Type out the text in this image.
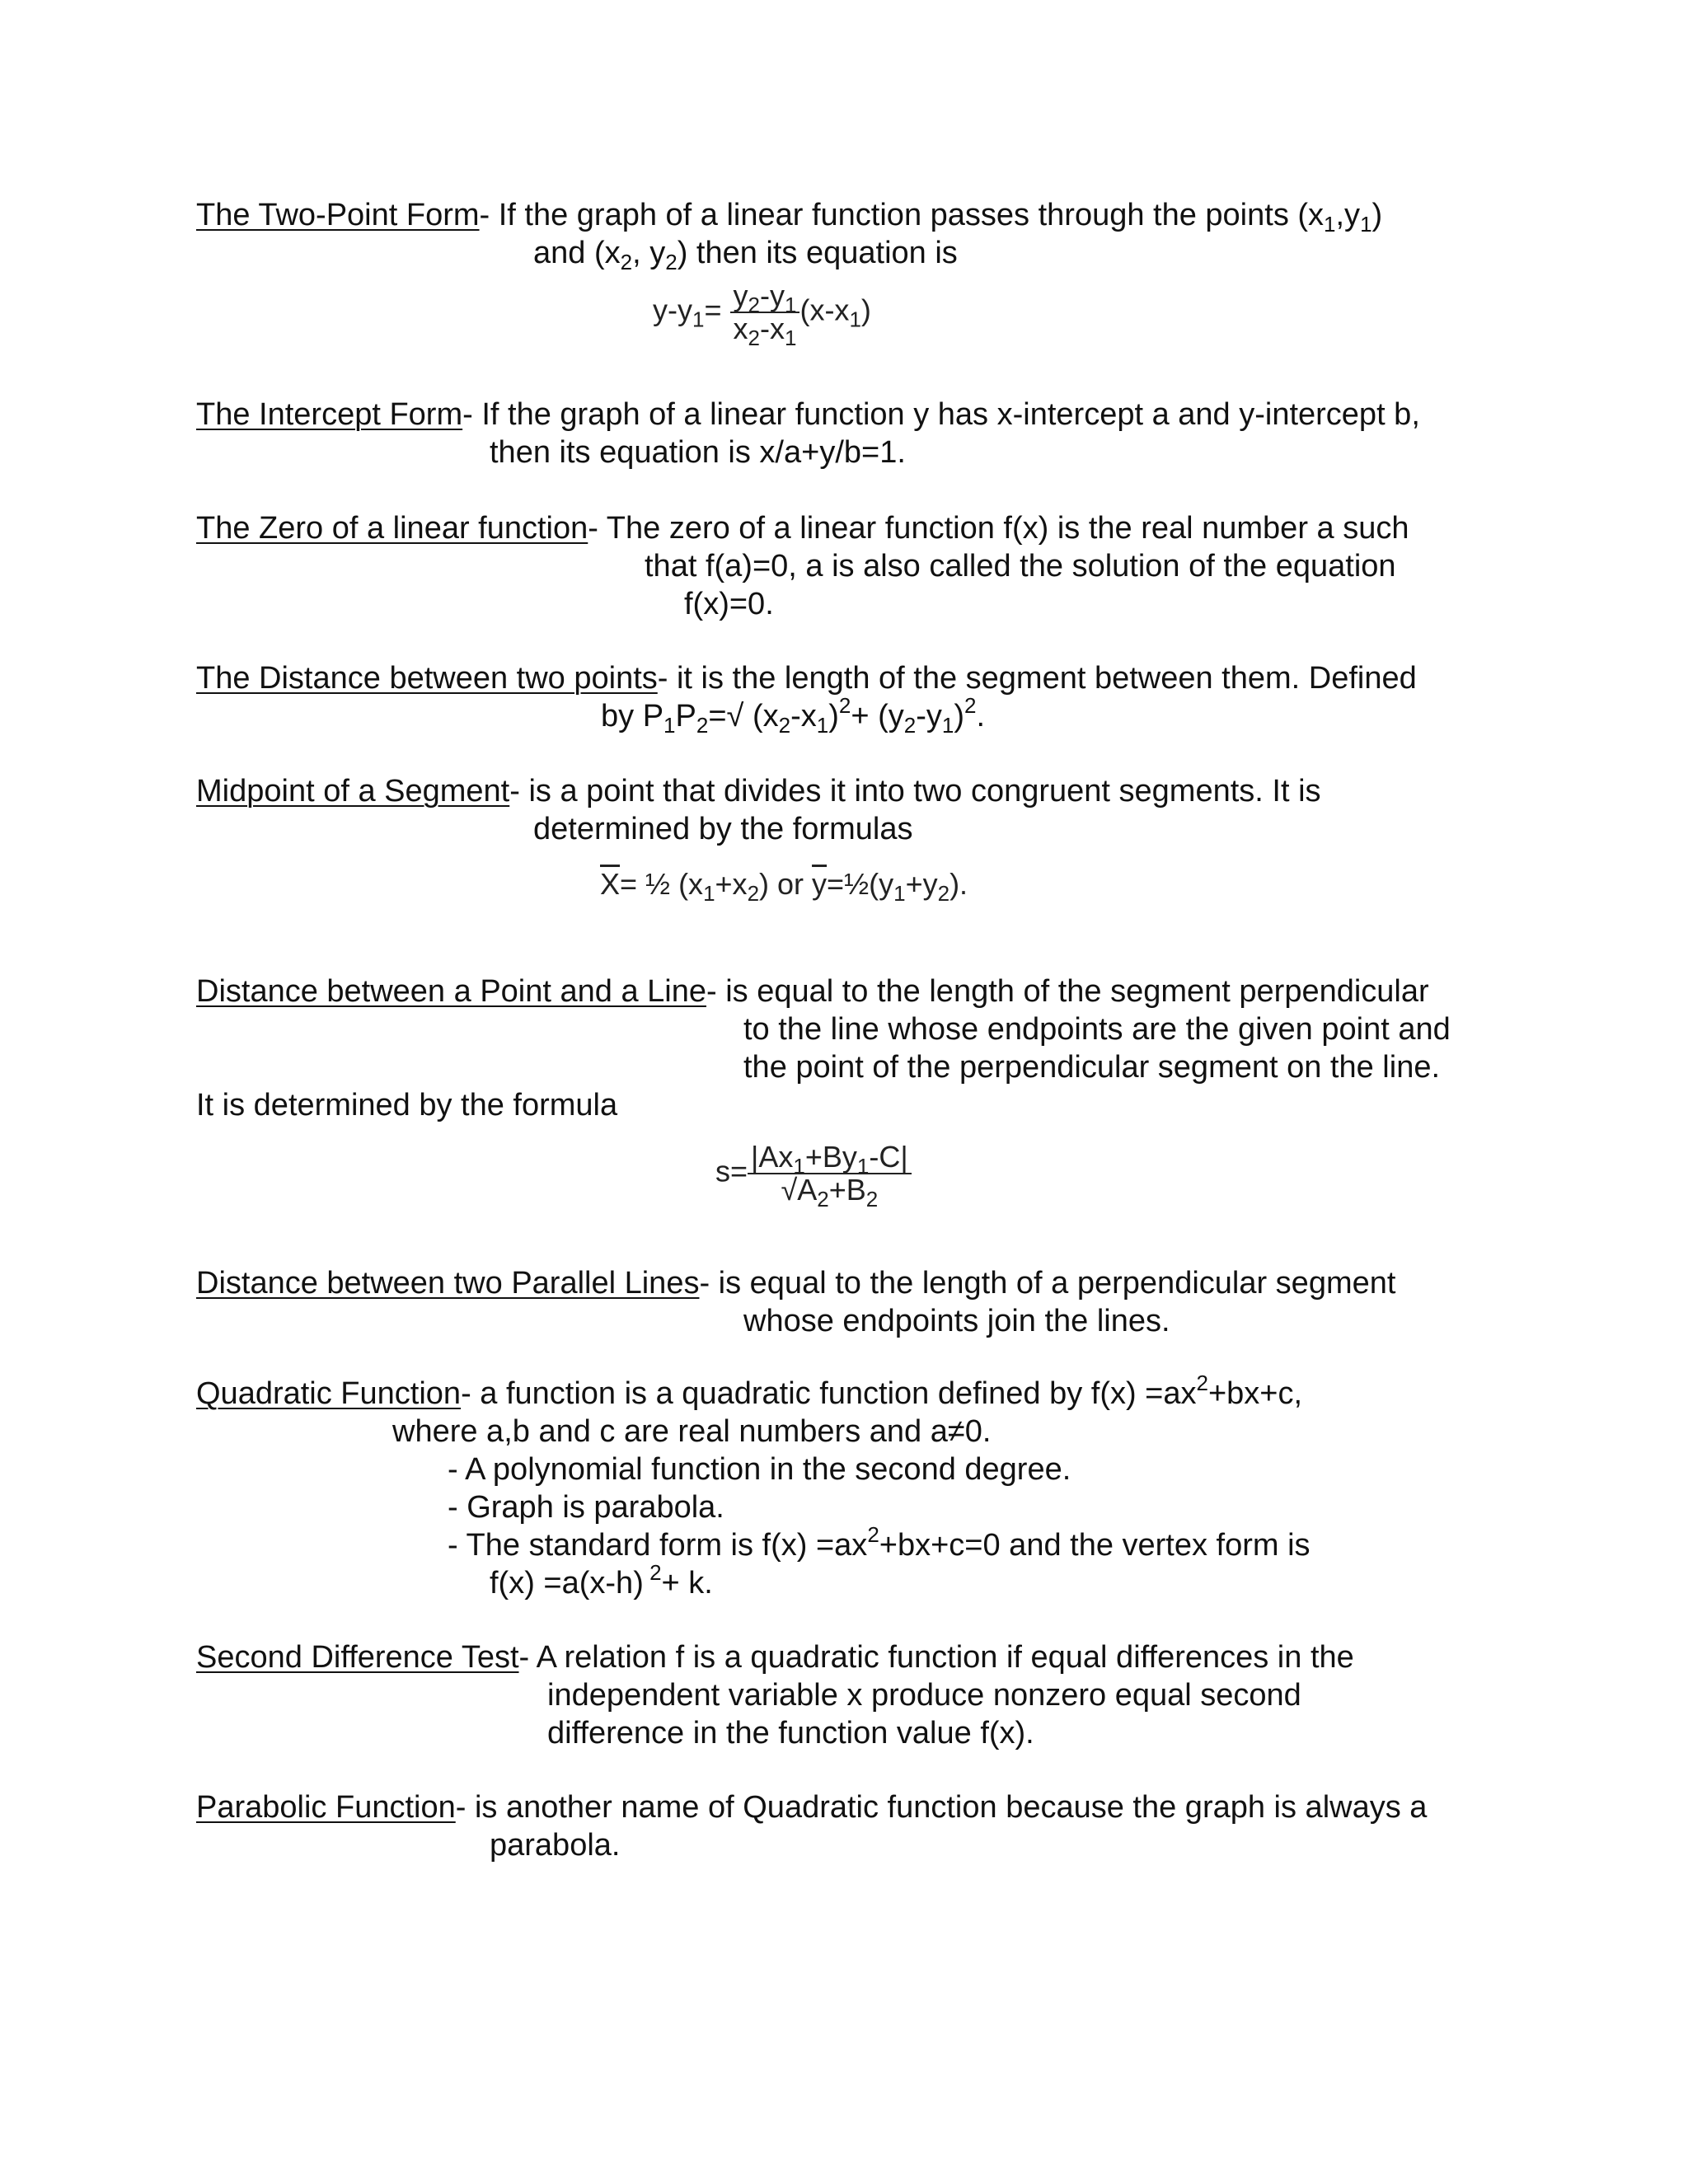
The Two-Point Form- If the graph of a linear function passes through the points $(x_1,y_1)$
and ($x_2$, $y_2$) then its equation is
$y-y_1= \frac{y_2-y_1}{x_2-x_1} (x-x_1)$
The Intercept Form- If the graph of a linear function y has x-intercept a and y-intercept b,
then its equation is x/a+y/b=1.
The Zero of a linear function- The zero of a linear function f(x) is the real number a such
that f(a)=0, a is also called the solution of the equation
f(x)=0.
The Distance between two points- it is the length of the segment between them. Defined
by $P_1P_2=√$ $(x_2-x_1)^2+ (y_2-y_1)^2$.
Midpoint of a Segment- is a point that divides it into two congruent segments. It is
determined by the formulas
$\overline{X}=$ ½ $(x_1+x_2)$ or $\overline{y}=\frac{1}{2}(y_1+y_2)$.
Distance between a Point and a Line- is equal to the length of the segment perpendicular
to the line whose endpoints are the given point and
the point of the perpendicular segment on the line.
It is determined by the formula
$s= \frac{|Ax_1+By_1-C|}{√A_2+B_2}$
Distance between two Parallel Lines- is equal to the length of a perpendicular segment
whose endpoints join the lines.
Quadratic Function- a function is a quadratic function defined by $f(x) =ax^2+bx+c$,
where a,b and c are real numbers and a≠0.
- A polynomial function in the second degree.
- Graph is parabola.
- The standard form is $f(x) =ax^2+bx+c=0$ and the vertex form is
f(x) =a(x-h) $^2$+ k.
Second Difference Test- A relation f is a quadratic function if equal differences in the
independent variable x produce nonzero equal second
difference in the function value f(x).
Parabolic Function- is another name of Quadratic function because the graph is always a
parabola.
